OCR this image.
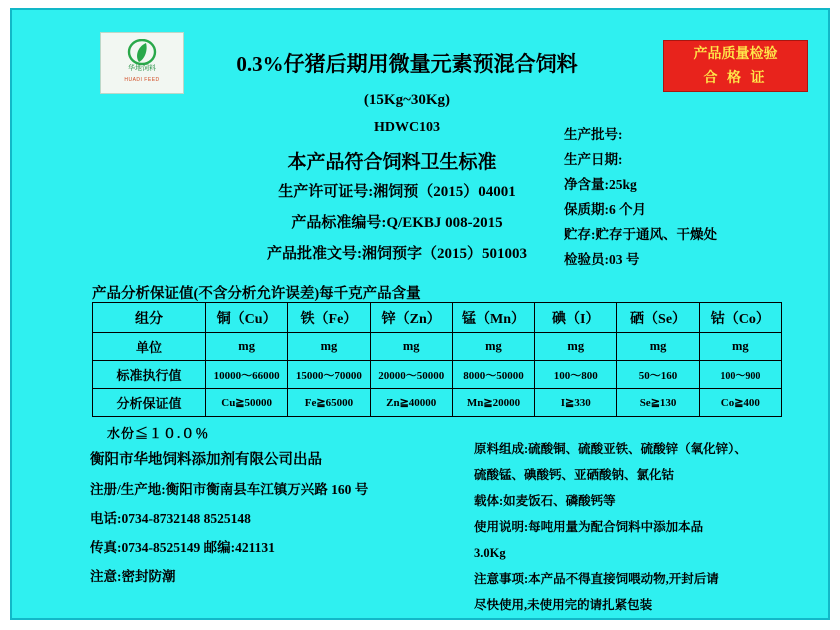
华地饲料
HUADI FEED
0.3%仔猪后期用微量元素预混合饲料
(15Kg~30Kg)
HDWC103
本产品符合饲料卫生标准
生产许可证号:湘饲预（2015）04001
产品标准编号:Q/EKBJ 008-2015
产品批准文号:湘饲预字（2015）501003
产品质量检验
合 格 证
生产批号:
生产日期:
净含量:25kg
保质期:6 个月
贮存:贮存于通风、干燥处
检验员:03 号
产品分析保证值(不含分析允许误差)每千克产品含量
组分	铜（Cu）	铁（Fe）	锌（Zn）	锰（Mn）	碘（I）	硒（Se）	钴（Co）
单位	mg	mg	mg	mg	mg	mg	mg
标准执行值	10000～66000	15000～70000	20000～50000	8000～50000	100～800	50～160	100～900
分析保证值	Cu≧50000	Fe≧65000	Zn≧40000	Mn≧20000	I≧330	Se≧130	Co≧400
水份≦１０.０％
衡阳市华地饲料添加剂有限公司出品
注册/生产地:衡阳市衡南县车江镇万兴路 160 号
电话:0734-8732148 8525148
传真:0734-8525149 邮编:421131
注意:密封防潮

原料组成:硫酸铜、硫酸亚铁、硫酸锌（氧化锌）、

硫酸锰、碘酸钙、亚硒酸钠、氯化钴

载体:如麦饭石、磷酸钙等

使用说明:每吨用量为配合饲料中添加本品

3.0Kg

注意事项:本产品不得直接饲喂动物,开封后请

尽快使用,未使用完的请扎紧包装
